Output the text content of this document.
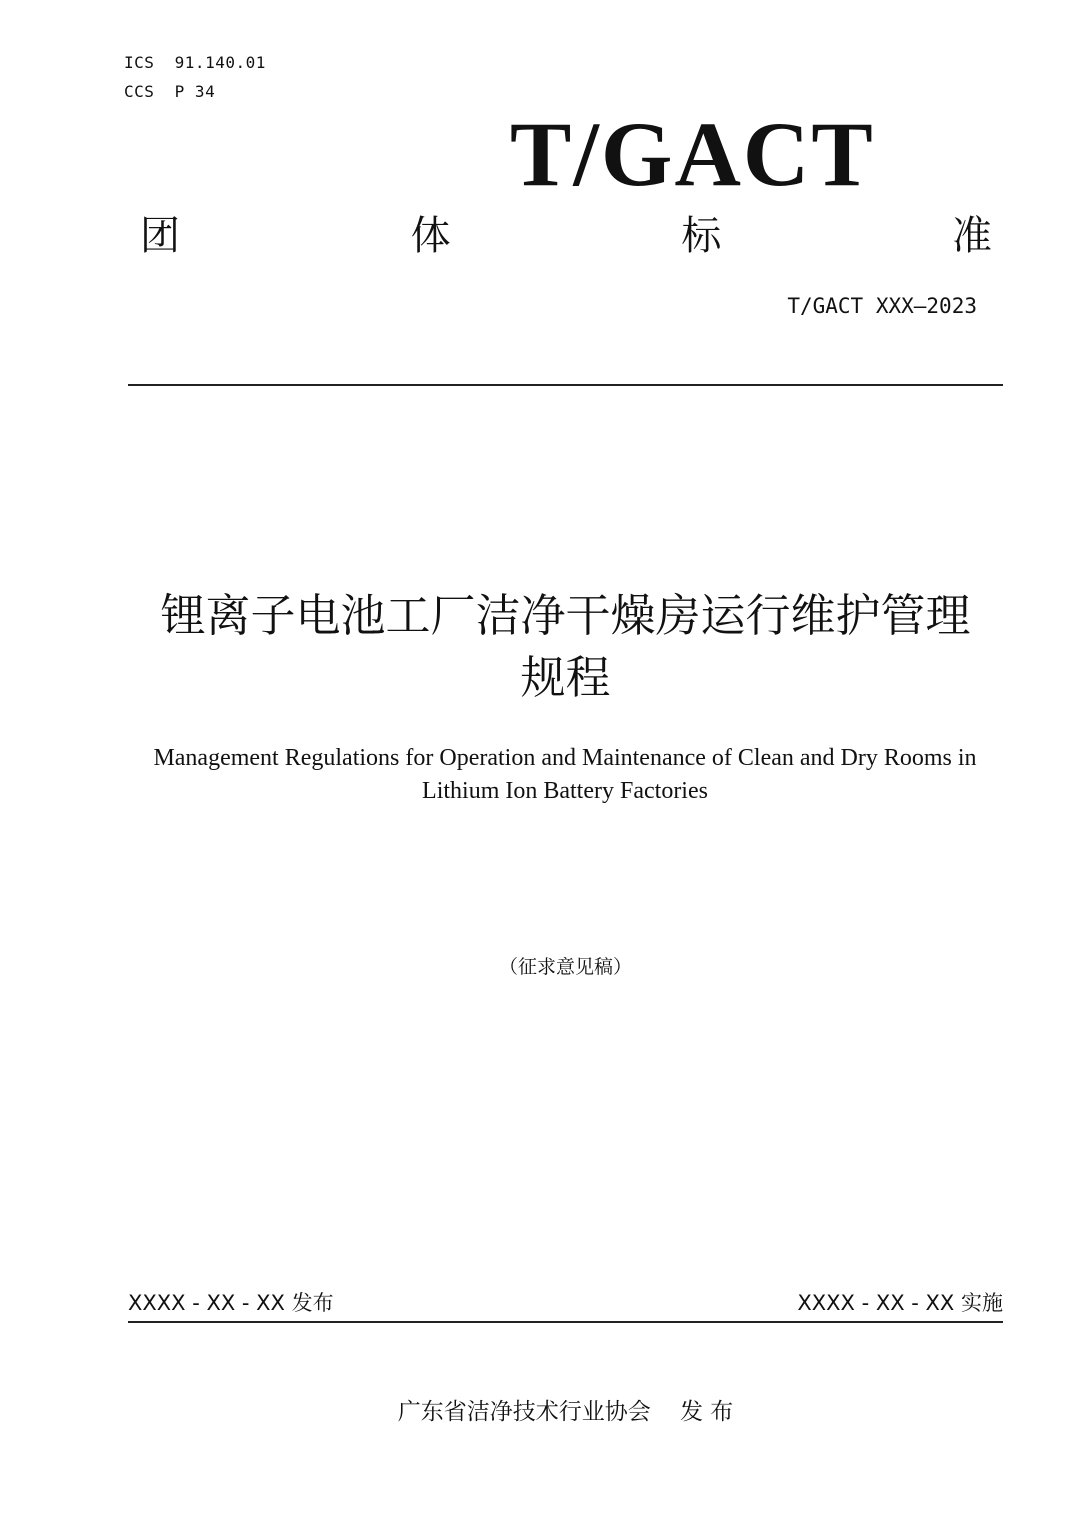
ICS  91.140.01
CCS  P 34
T/GACT
团	体	标	准
T/GACT XXX—2023
锂离子电池工厂洁净干燥房运行维护管理
规程
Management Regulations for Operation and Maintenance of Clean and Dry Rooms in
Lithium Ion Battery Factories
（征求意见稿）
XXXX - XX - XX 发布	XXXX - XX - XX 实施
广东省洁净技术行业协会    发 布
